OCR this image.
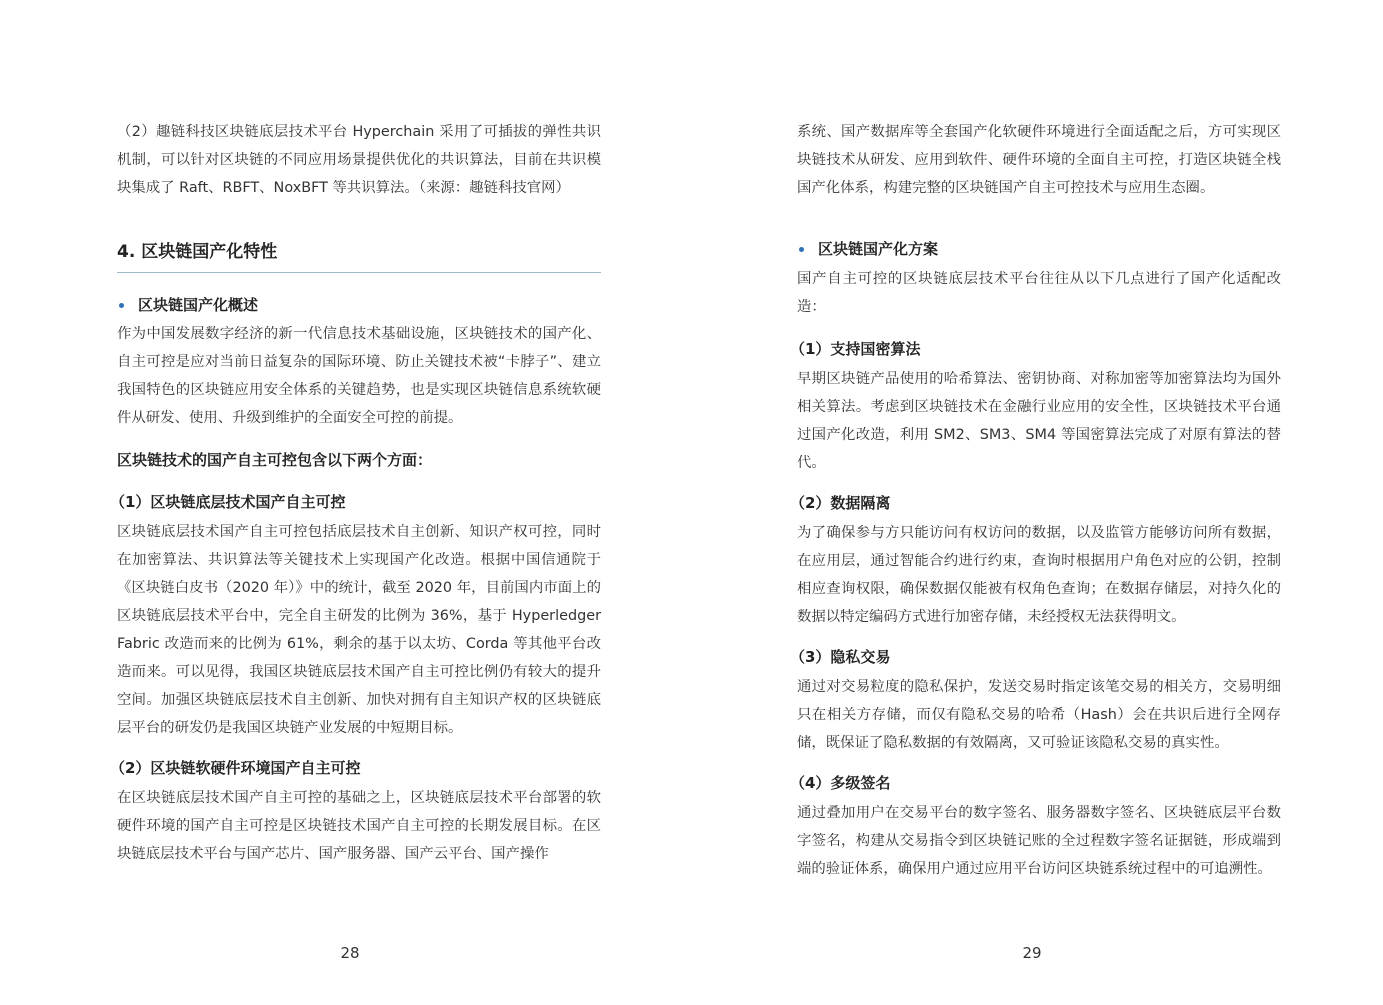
（2）趣链科技区块链底层技术平台 Hyperchain 采用了可插拔的弹性共识机制，可以针对区块链的不同应用场景提供优化的共识算法，目前在共识模块集成了 Raft、RBFT、NoxBFT 等共识算法。（来源：趣链科技官网）

4. 区块链国产化特性
区块链国产化概述

作为中国发展数字经济的新一代信息技术基础设施，区块链技术的国产化、自主可控是应对当前日益复杂的国际环境、防止关键技术被“卡脖子”、建立我国特色的区块链应用安全体系的关键趋势，也是实现区块链信息系统软硬件从研发、使用、升级到维护的全面安全可控的前提。

区块链技术的国产自主可控包含以下两个方面：

（1）区块链底层技术国产自主可控

区块链底层技术国产自主可控包括底层技术自主创新、知识产权可控，同时在加密算法、共识算法等关键技术上实现国产化改造。根据中国信通院于《区块链白皮书（2020 年）》中的统计，截至 2020 年，目前国内市面上的区块链底层技术平台中，完全自主研发的比例为 36%，基于 Hyperledger Fabric 改造而来的比例为 61%，剩余的基于以太坊、Corda 等其他平台改造而来。可以见得，我国区块链底层技术国产自主可控比例仍有较大的提升空间。加强区块链底层技术自主创新、加快对拥有自主知识产权的区块链底层平台的研发仍是我国区块链产业发展的中短期目标。

（2）区块链软硬件环境国产自主可控

在区块链底层技术国产自主可控的基础之上，区块链底层技术平台部署的软硬件环境的国产自主可控是区块链技术国产自主可控的长期发展目标。在区块链底层技术平台与国产芯片、国产服务器、国产云平台、国产操作

28

系统、国产数据库等全套国产化软硬件环境进行全面适配之后，方可实现区块链技术从研发、应用到软件、硬件环境的全面自主可控，打造区块链全栈国产化体系，构建完整的区块链国产自主可控技术与应用生态圈。

区块链国产化方案

国产自主可控的区块链底层技术平台往往从以下几点进行了国产化适配改造：

（1）支持国密算法

早期区块链产品使用的哈希算法、密钥协商、对称加密等加密算法均为国外相关算法。考虑到区块链技术在金融行业应用的安全性，区块链技术平台通过国产化改造，利用 SM2、SM3、SM4 等国密算法完成了对原有算法的替代。

（2）数据隔离

为了确保参与方只能访问有权访问的数据，以及监管方能够访问所有数据，在应用层，通过智能合约进行约束，查询时根据用户角色对应的公钥，控制相应查询权限，确保数据仅能被有权角色查询；在数据存储层，对持久化的数据以特定编码方式进行加密存储，未经授权无法获得明文。

（3）隐私交易

通过对交易粒度的隐私保护，发送交易时指定该笔交易的相关方，交易明细只在相关方存储，而仅有隐私交易的哈希（Hash）会在共识后进行全网存储，既保证了隐私数据的有效隔离，又可验证该隐私交易的真实性。

（4）多级签名

通过叠加用户在交易平台的数字签名、服务器数字签名、区块链底层平台数字签名，构建从交易指令到区块链记账的全过程数字签名证据链，形成端到端的验证体系，确保用户通过应用平台访问区块链系统过程中的可追溯性。

29
